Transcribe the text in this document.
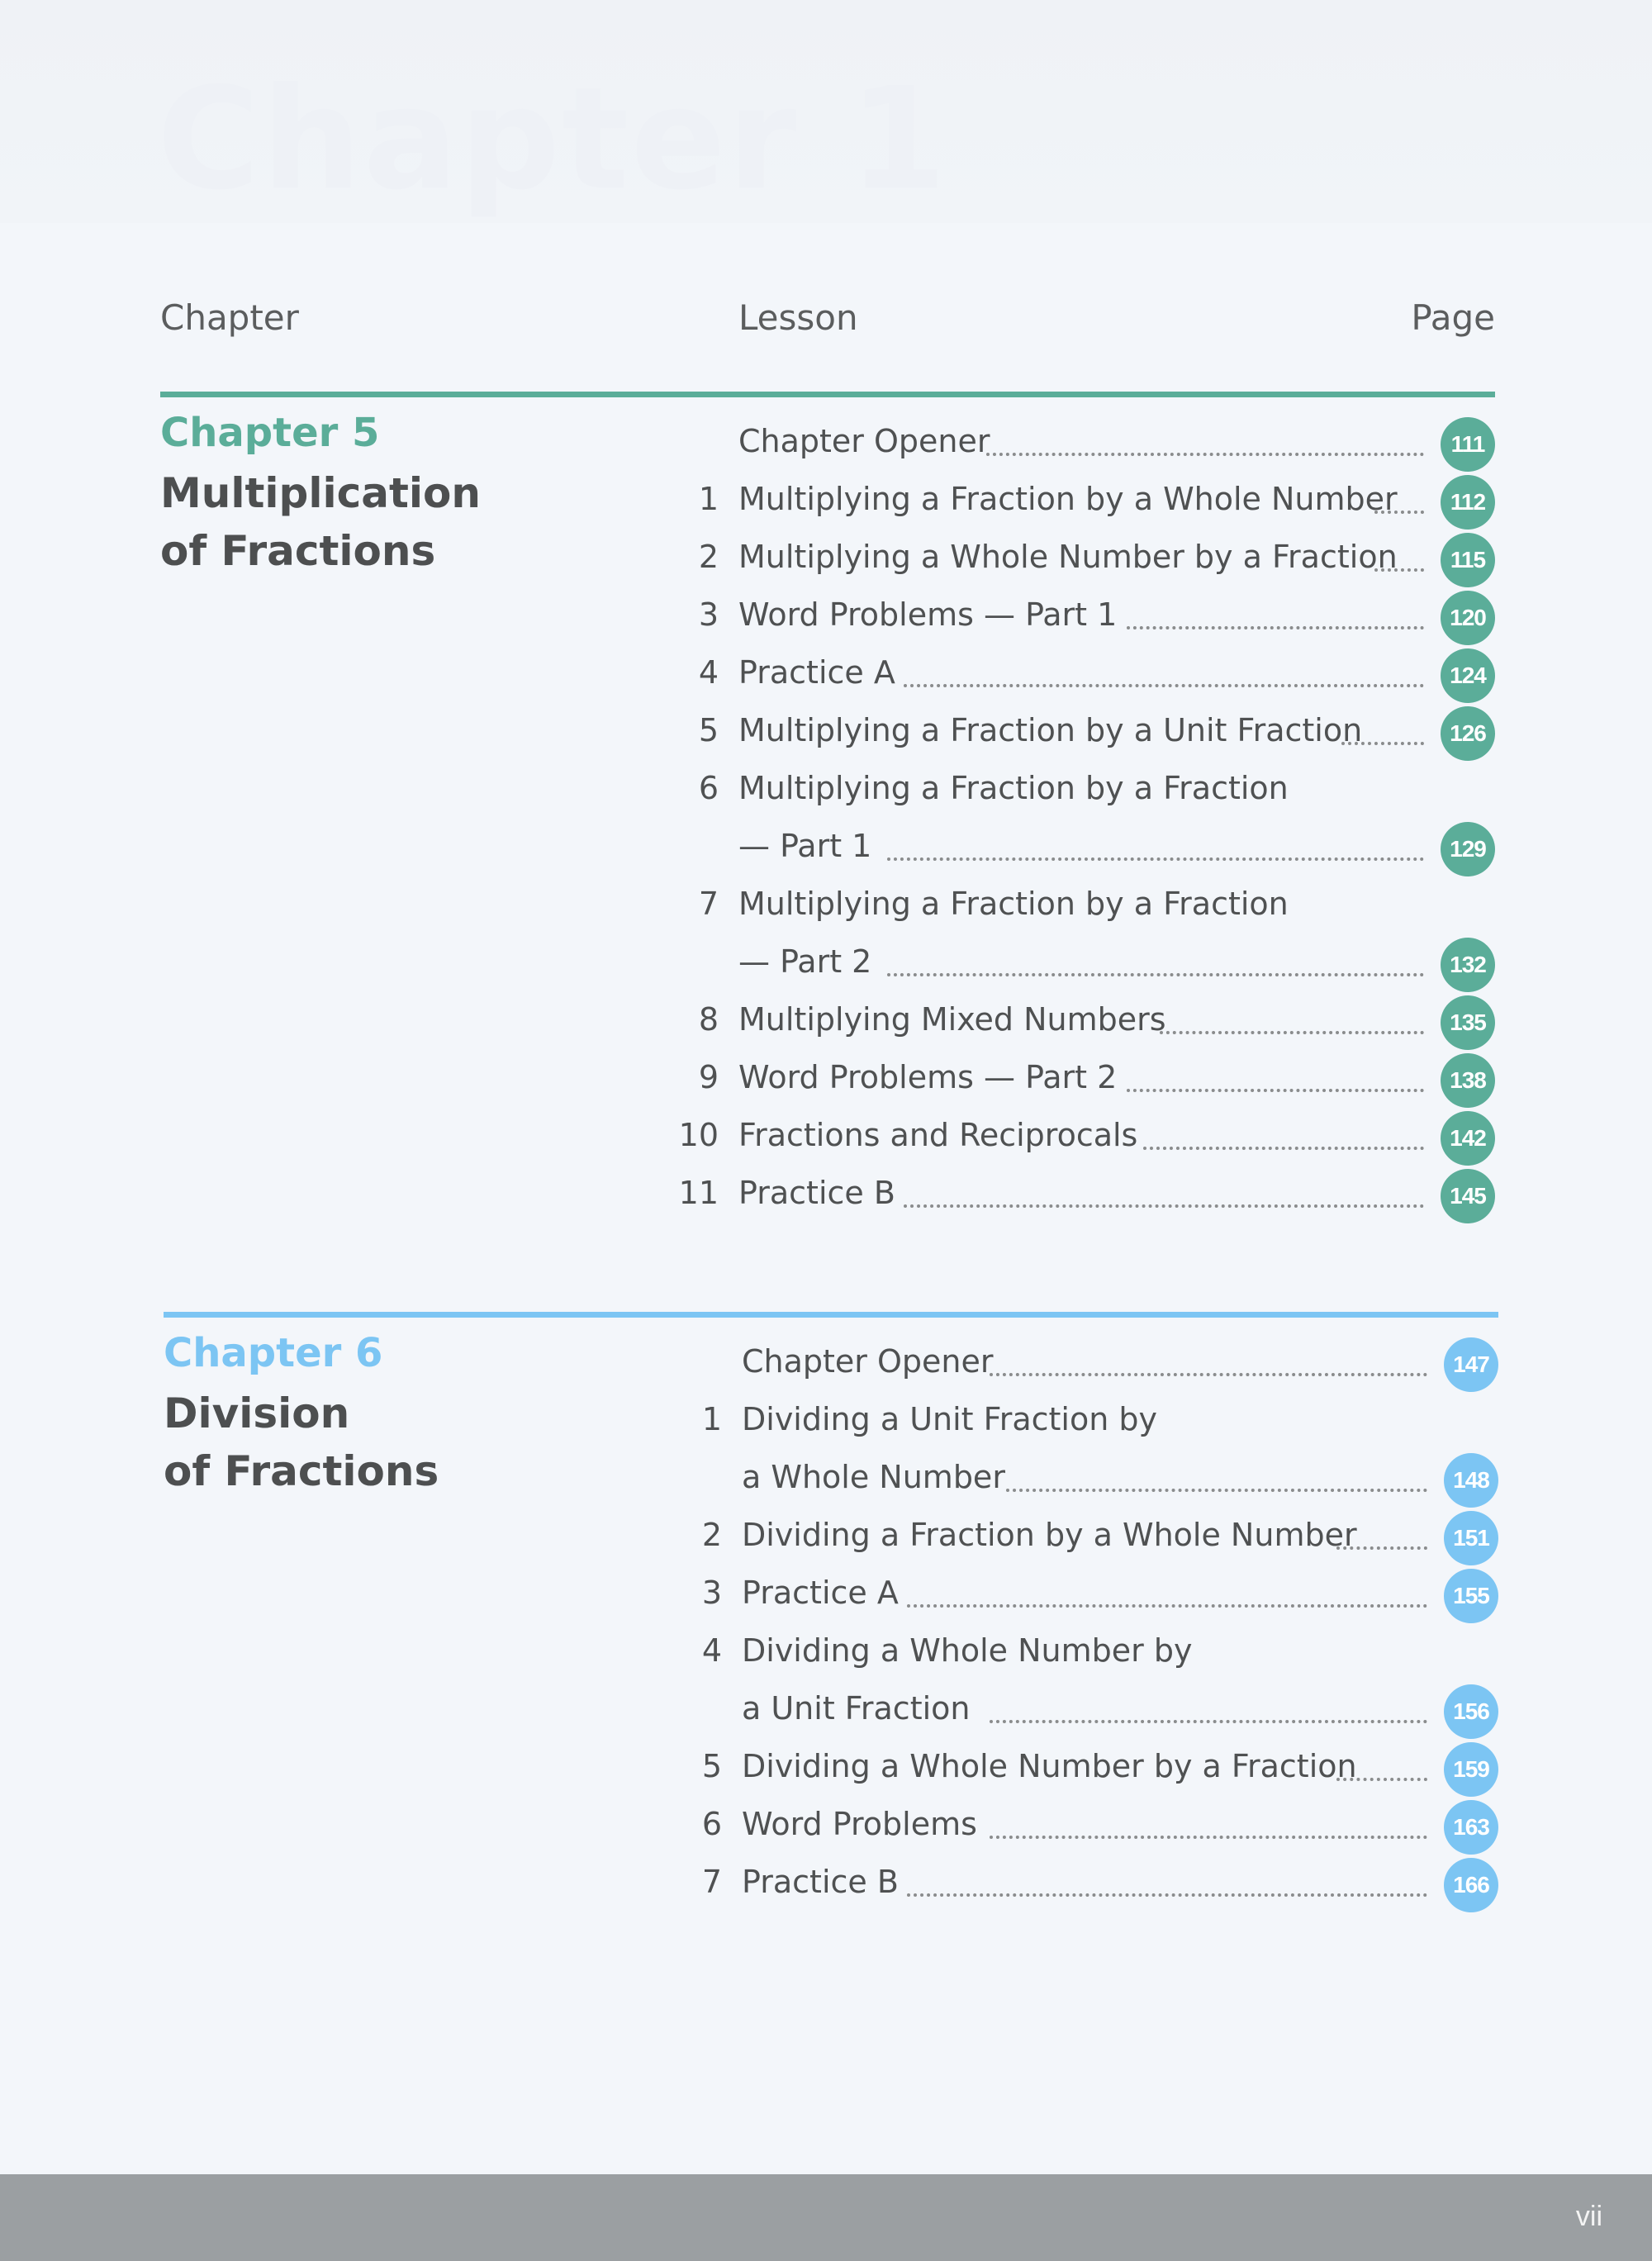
Chapter 1
Chapter	Lesson	Page
Chapter 5
Multiplication
of Fractions
Chapter Opener	111
1 Multiplying a Fraction by a Whole Number	112
2 Multiplying a Whole Number by a Fraction	115
3 Word Problems — Part 1	120
4 Practice A	124
5 Multiplying a Fraction by a Unit Fraction	126
6 Multiplying a Fraction by a Fraction
— Part 1	129
7 Multiplying a Fraction by a Fraction
— Part 2	132
8 Multiplying Mixed Numbers	135
9 Word Problems — Part 2	138
10 Fractions and Reciprocals	142
11 Practice B	145
Chapter 6
Division
of Fractions
Chapter Opener	147
1 Dividing a Unit Fraction by
a Whole Number	148
2 Dividing a Fraction by a Whole Number	151
3 Practice A	155
4 Dividing a Whole Number by
a Unit Fraction	156
5 Dividing a Whole Number by a Fraction	159
6 Word Problems	163
7 Practice B	166
vii
